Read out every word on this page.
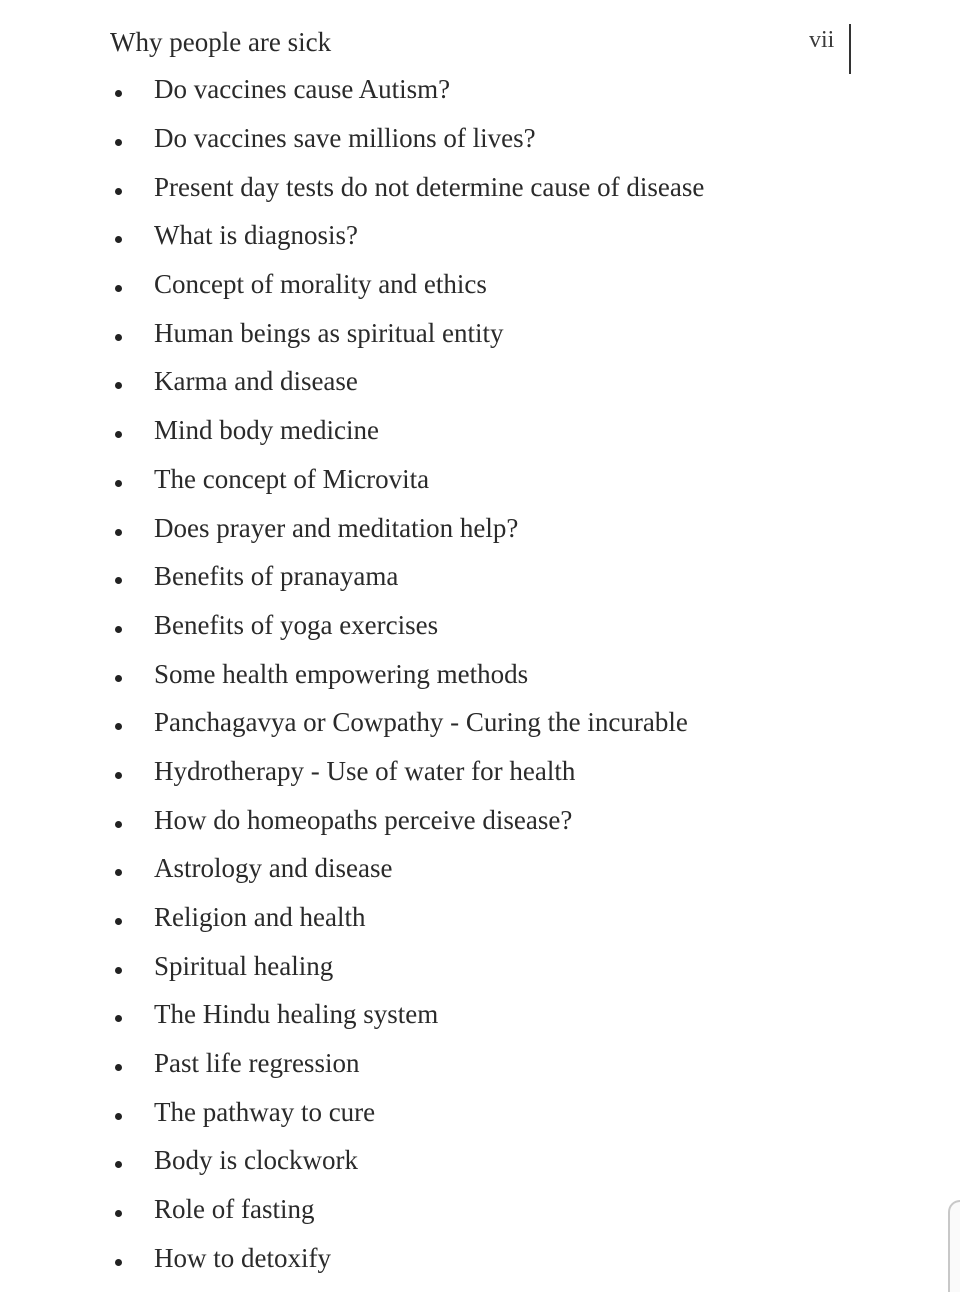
Why people are sick	vii
Do vaccines cause Autism?
Do vaccines save millions of lives?
Present day tests do not determine cause of disease
What is diagnosis?
Concept of morality and ethics
Human beings as spiritual entity
Karma and disease
Mind body medicine
The concept of Microvita
Does prayer and meditation help?
Benefits of pranayama
Benefits of yoga exercises
Some health empowering methods
Panchagavya or Cowpathy - Curing the incurable
Hydrotherapy - Use of water for health
How do homeopaths perceive disease?
Astrology and disease
Religion and health
Spiritual healing
The Hindu healing system
Past life regression
The pathway to cure
Body is clockwork
Role of fasting
How to detoxify
